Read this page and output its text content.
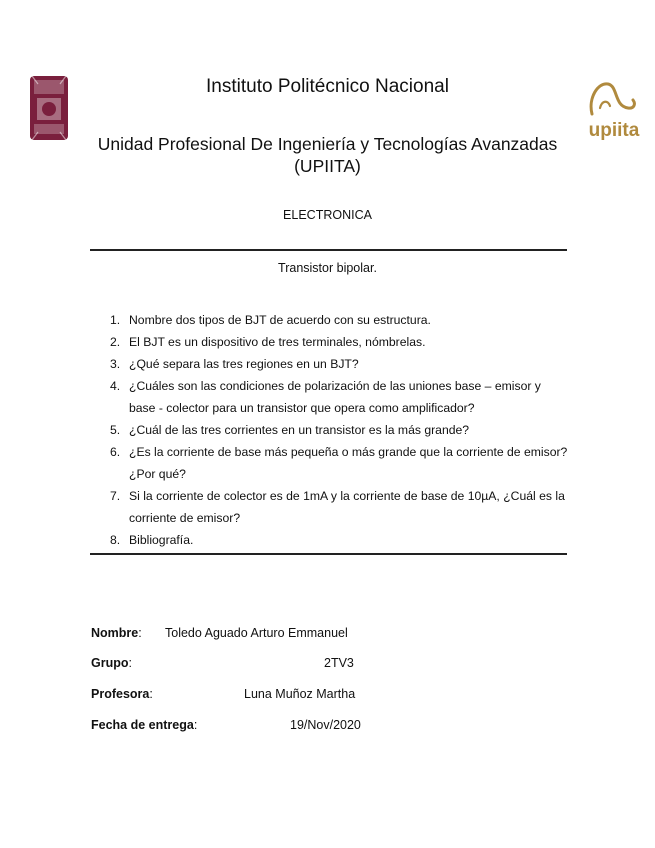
upiita
Instituto Politécnico Nacional
Unidad Profesional De Ingeniería y Tecnologías Avanzadas (UPIITA)
ELECTRONICA
Transistor bipolar.
1. Nombre dos tipos de BJT de acuerdo con su estructura.
2. El BJT es un dispositivo de tres terminales, nómbrelas.
3. ¿Qué separa las tres regiones en un BJT?
4. ¿Cuáles son las condiciones de polarización de las uniones base – emisor y base - colector para un transistor que opera como amplificador?
5. ¿Cuál de las tres corrientes en un transistor es la más grande?
6. ¿Es la corriente de base más pequeña o más grande que la corriente de emisor? ¿Por qué?
7. Si la corriente de colector es de 1mA y la corriente de base de 10µA, ¿Cuál es la corriente de emisor?
8. Bibliografía.
Nombre: Toledo Aguado Arturo Emmanuel
Grupo:	2TV3
Profesora:	Luna Muñoz Martha
Fecha de entrega:	19/Nov/2020
